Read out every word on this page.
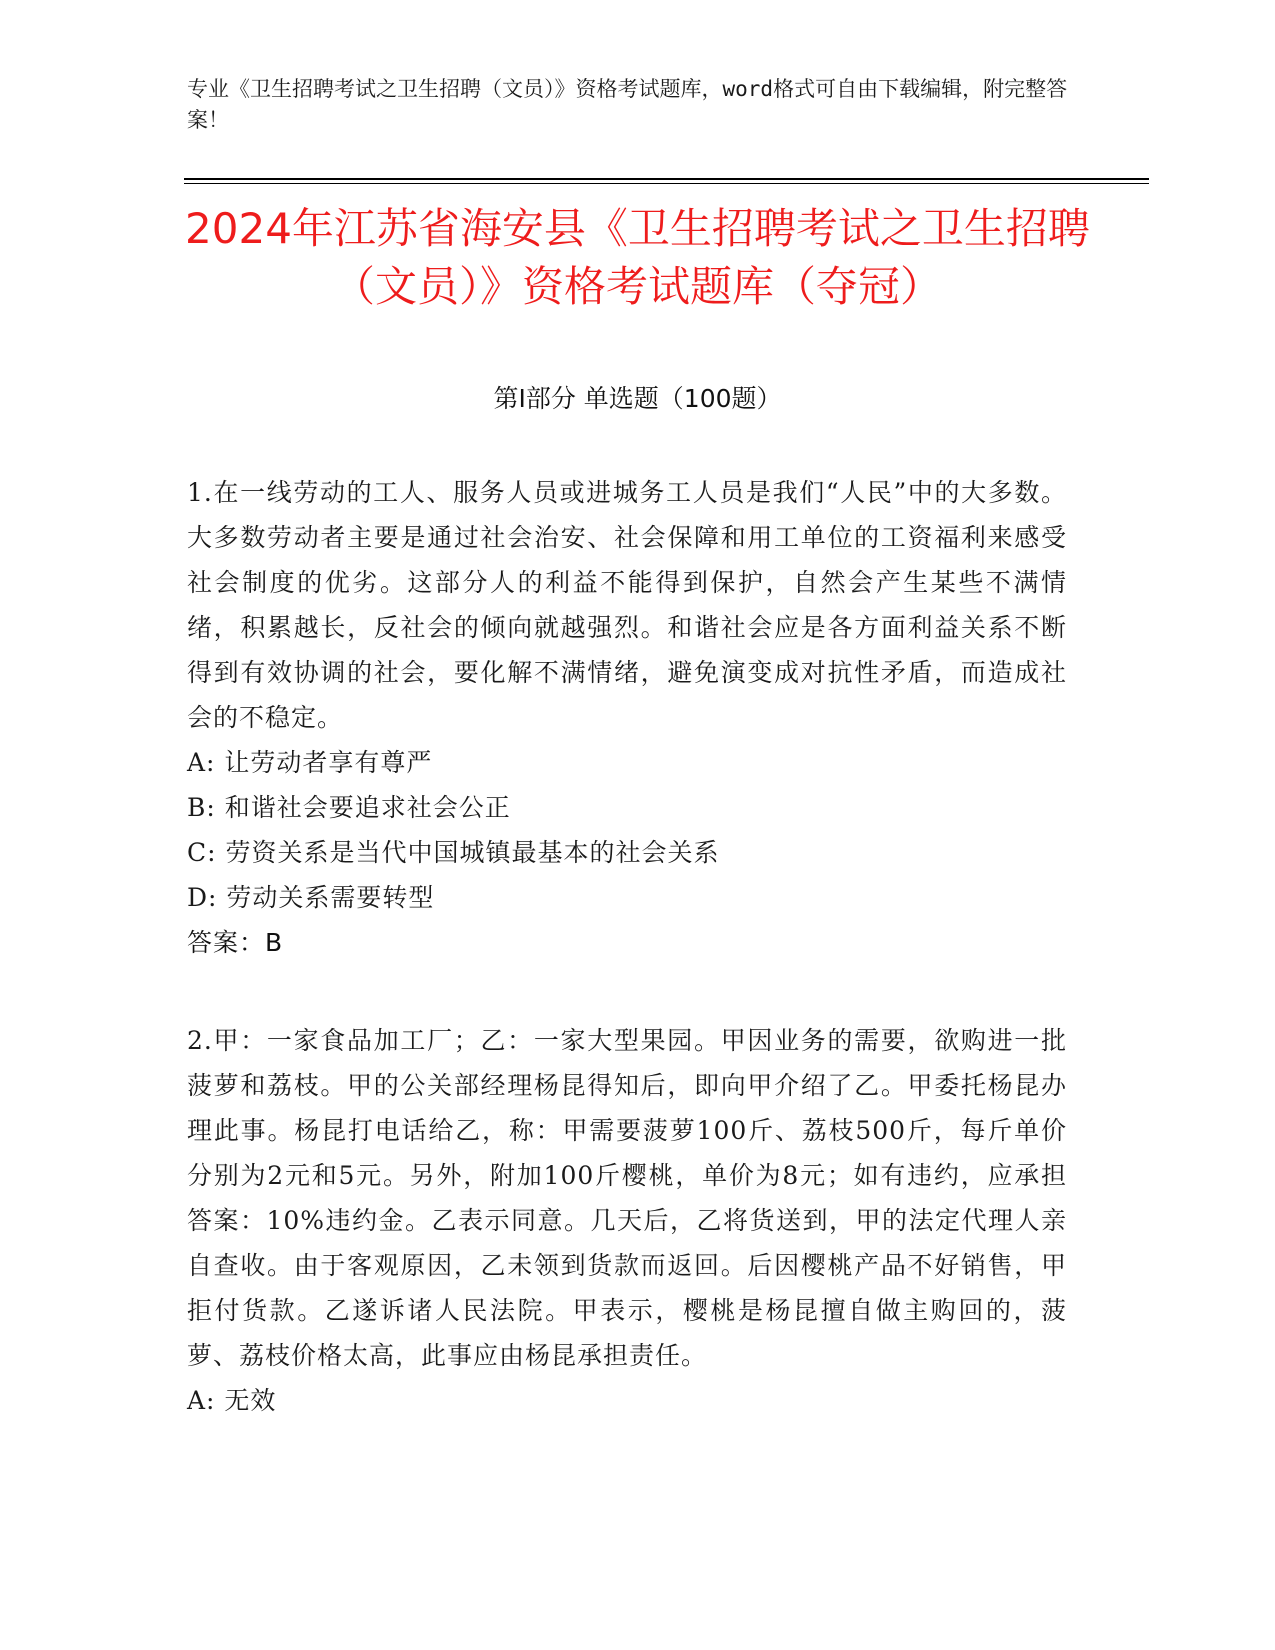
专业《卫生招聘考试之卫生招聘（文员）》资格考试题库，word格式可自由下载编辑，附完整答案！
2024年江苏省海安县《卫生招聘考试之卫生招聘（文员）》资格考试题库（夺冠）
第Ⅰ部分 单选题（100题）

1.在一线劳动的工人、服务人员或进城务工人员是我们“人民”中的大多数。大多数劳动者主要是通过社会治安、社会保障和用工单位的工资福利来感受社会制度的优劣。这部分人的利益不能得到保护，自然会产生某些不满情绪，积累越长，反社会的倾向就越强烈。和谐社会应是各方面利益关系不断得到有效协调的社会，要化解不满情绪，避免演变成对抗性矛盾，而造成社会的不稳定。

A: 让劳动者享有尊严

B: 和谐社会要追求社会公正

C: 劳资关系是当代中国城镇最基本的社会关系

D: 劳动关系需要转型

答案：B

2.甲：一家食品加工厂；乙：一家大型果园。甲因业务的需要，欲购进一批菠萝和荔枝。甲的公关部经理杨昆得知后，即向甲介绍了乙。甲委托杨昆办理此事。杨昆打电话给乙，称：甲需要菠萝100斤、荔枝500斤，每斤单价分别为2元和5元。另外，附加100斤樱桃，单价为8元；如有违约，应承担答案：10%违约金。乙表示同意。几天后，乙将货送到，甲的法定代理人亲自查收。由于客观原因，乙未领到货款而返回。后因樱桃产品不好销售，甲拒付货款。乙遂诉诸人民法院。甲表示，樱桃是杨昆擅自做主购回的，菠萝、荔枝价格太高，此事应由杨昆承担责任。

A: 无效
